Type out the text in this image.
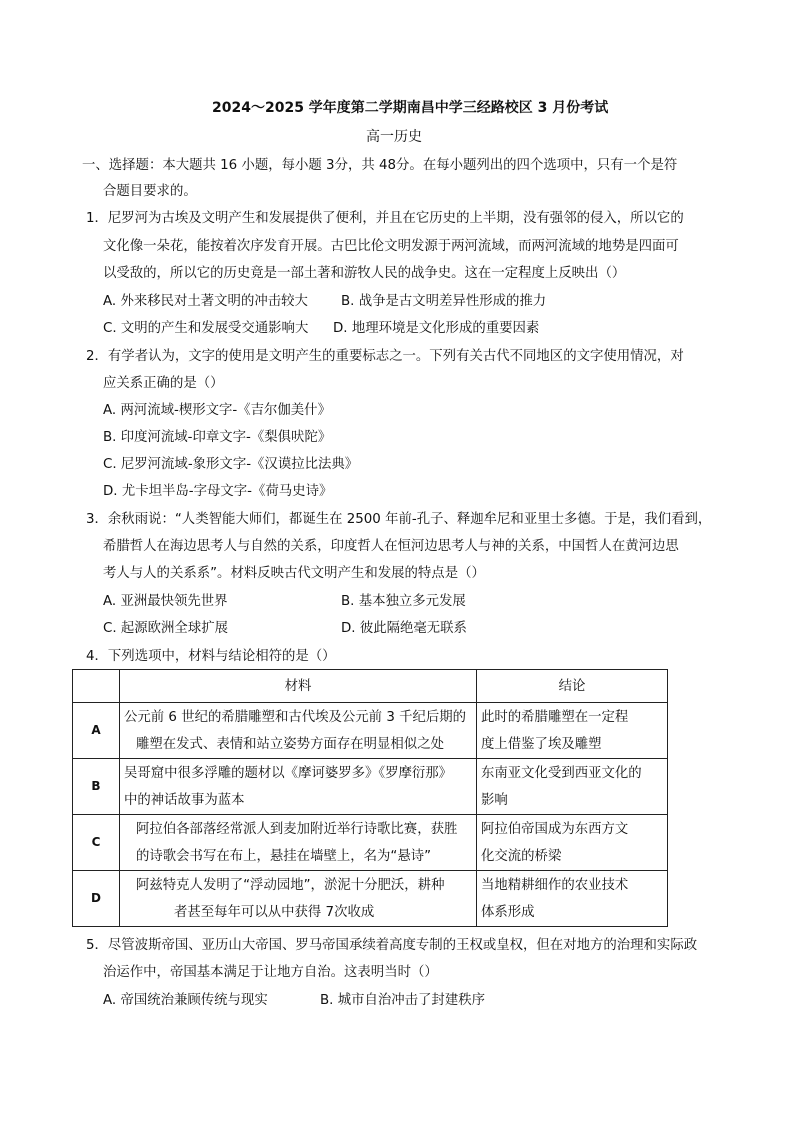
2024～2025 学年度第二学期南昌中学三经路校区 3 月份考试
高一历史
一、选择题：本大题共 16 小题，每小题 3分，共 48分。在每小题列出的四个选项中，只有一个是符
合题目要求的。
1．尼罗河为古埃及文明产生和发展提供了便利，并且在它历史的上半期，没有强邻的侵入，所以它的
文化像一朵花，能按着次序发育开展。古巴比伦文明发源于两河流域，而两河流域的地势是四面可
以受敌的，所以它的历史竟是一部土著和游牧人民的战争史。这在一定程度上反映出（）
A. 外来移民对土著文明的冲击较大 B. 战争是古文明差异性形成的推力
C. 文明的产生和发展受交通影响大 D. 地理环境是文化形成的重要因素
2．有学者认为，文字的使用是文明产生的重要标志之一。下列有关古代不同地区的文字使用情况，对
应关系正确的是（）
A. 两河流域-楔形文字-《吉尔伽美什》
B. 印度河流域-印章文字-《梨俱吠陀》
C. 尼罗河流域-象形文字-《汉谟拉比法典》
D. 尤卡坦半岛-字母文字-《荷马史诗》
3．余秋雨说：“人类智能大师们，都诞生在 2500 年前-孔子、释迦牟尼和亚里士多德。于是，我们看到，
希腊哲人在海边思考人与自然的关系，印度哲人在恒河边思考人与神的关系，中国哲人在黄河边思
考人与人的关系系”。材料反映古代文明产生和发展的特点是（）
A. 亚洲最快领先世界	B. 基本独立多元发展
C. 起源欧洲全球扩展	D. 彼此隔绝毫无联系
4．下列选项中，材料与结论相符的是（）
	材料	结论
A	公元前 6 世纪的希腊雕塑和古代埃及公元前 3 千纪后期的
雕塑在发式、表情和站立姿势方面存在明显相似之处	此时的希腊雕塑在一定程
度上借鉴了埃及雕塑

B	吴哥窟中很多浮雕的题材以《摩诃婆罗多》《罗摩衍那》
中的神话故事为蓝本	东南亚文化受到西亚文化的
影响

C	阿拉伯各部落经常派人到麦加附近举行诗歌比赛，获胜
的诗歌会书写在布上，悬挂在墙壁上，名为“悬诗”	阿拉伯帝国成为东西方文
化交流的桥梁

D	阿兹特克人发明了“浮动园地”，淤泥十分肥沃，耕种
者甚至每年可以从中获得 7次收成	当地精耕细作的农业技术
体系形成
5．尽管波斯帝国、亚历山大帝国、罗马帝国承续着高度专制的王权或皇权，但在对地方的治理和实际政
治运作中，帝国基本满足于让地方自治。这表明当时（）
A. 帝国统治兼顾传统与现实	B. 城市自治冲击了封建秩序
